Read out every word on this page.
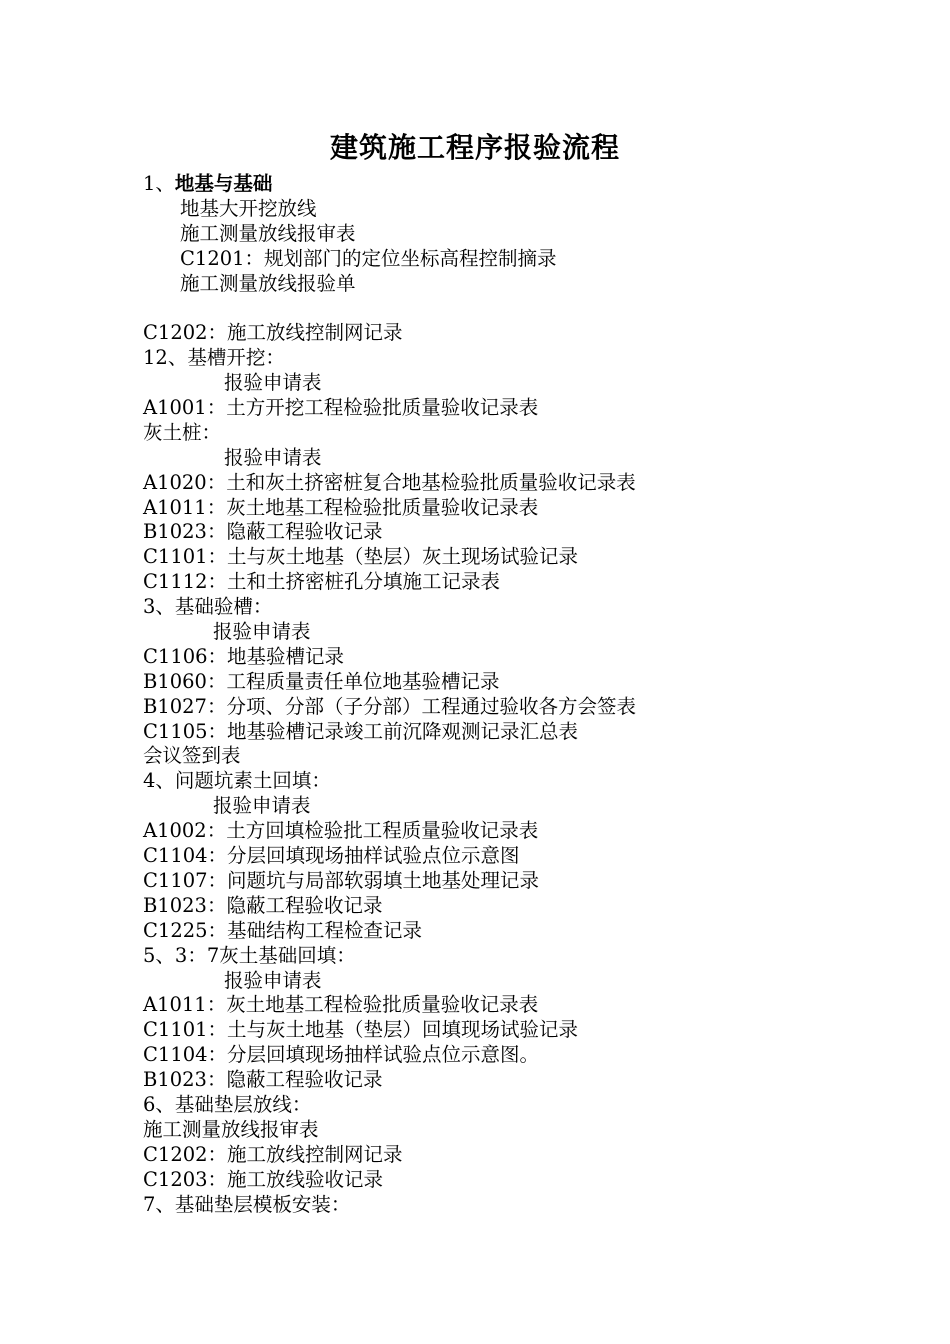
建筑施工程序报验流程
1、地基与基础
地基大开挖放线
施工测量放线报审表
C1201：规划部门的定位坐标高程控制摘录
施工测量放线报验单
C1202：施工放线控制网记录
12、基槽开挖：
报验申请表
A1001：土方开挖工程检验批质量验收记录表
灰土桩：
报验申请表
A1020：土和灰土挤密桩复合地基检验批质量验收记录表
A1011：灰土地基工程检验批质量验收记录表
B1023：隐蔽工程验收记录
C1101：土与灰土地基（垫层）灰土现场试验记录
C1112：土和土挤密桩孔分填施工记录表
3、基础验槽：
报验申请表
C1106：地基验槽记录
B1060：工程质量责任单位地基验槽记录
B1027：分项、分部（子分部）工程通过验收各方会签表
C1105：地基验槽记录竣工前沉降观测记录汇总表
会议签到表
4、问题坑素土回填：
报验申请表
A1002：土方回填检验批工程质量验收记录表
C1104：分层回填现场抽样试验点位示意图
C1107：问题坑与局部软弱填土地基处理记录
B1023：隐蔽工程验收记录
C1225：基础结构工程检查记录
5、3：7灰土基础回填：
报验申请表
A1011：灰土地基工程检验批质量验收记录表
C1101：土与灰土地基（垫层）回填现场试验记录
C1104：分层回填现场抽样试验点位示意图。
B1023：隐蔽工程验收记录
6、基础垫层放线：
施工测量放线报审表
C1202：施工放线控制网记录
C1203：施工放线验收记录
7、基础垫层模板安装：
